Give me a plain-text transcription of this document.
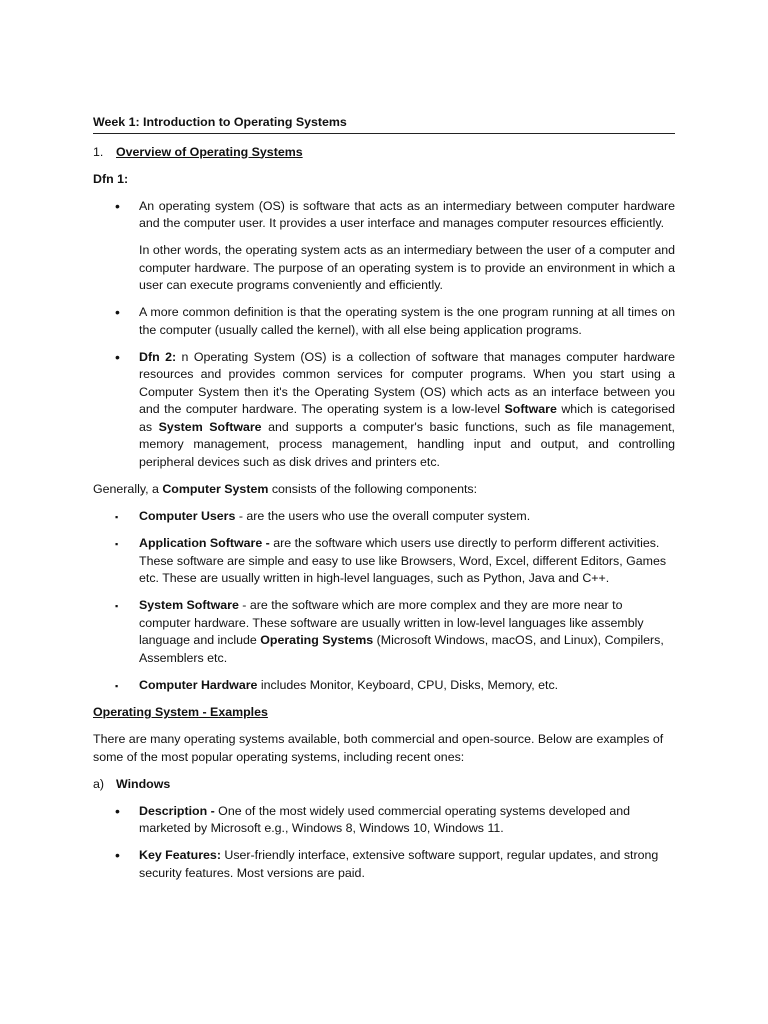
Week 1: Introduction to Operating Systems

1. Overview of Operating Systems

Dfn 1:

• An operating system (OS) is software that acts as an intermediary between computer hardware and the computer user. It provides a user interface and manages computer resources efficiently.

In other words, the operating system acts as an intermediary between the user of a computer and computer hardware. The purpose of an operating system is to provide an environment in which a user can execute programs conveniently and efficiently.

• A more common definition is that the operating system is the one program running at all times on the computer (usually called the kernel), with all else being application programs.
• Dfn 2: n Operating System (OS) is a collection of software that manages computer hardware resources and provides common services for computer programs. When you start using a Computer System then it's the Operating System (OS) which acts as an interface between you and the computer hardware. The operating system is a low-level Software which is categorised as System Software and supports a computer's basic functions, such as file management, memory management, process management, handling input and output, and controlling peripheral devices such as disk drives and printers etc.

Generally, a Computer System consists of the following components:

▪ Computer Users - are the users who use the overall computer system.
▪ Application Software - are the software which users use directly to perform different activities. These software are simple and easy to use like Browsers, Word, Excel, different Editors, Games etc. These are usually written in high-level languages, such as Python, Java and C++.
▪ System Software - are the software which are more complex and they are more near to computer hardware. These software are usually written in low-level languages like assembly language and include Operating Systems (Microsoft Windows, macOS, and Linux), Compilers, Assemblers etc.
▪ Computer Hardware includes Monitor, Keyboard, CPU, Disks, Memory, etc.

Operating System - Examples

There are many operating systems available, both commercial and open-source. Below are examples of some of the most popular operating systems, including recent ones:

a) Windows

• Description - One of the most widely used commercial operating systems developed and marketed by Microsoft e.g., Windows 8, Windows 10, Windows 11.
• Key Features: User-friendly interface, extensive software support, regular updates, and strong security features. Most versions are paid.
